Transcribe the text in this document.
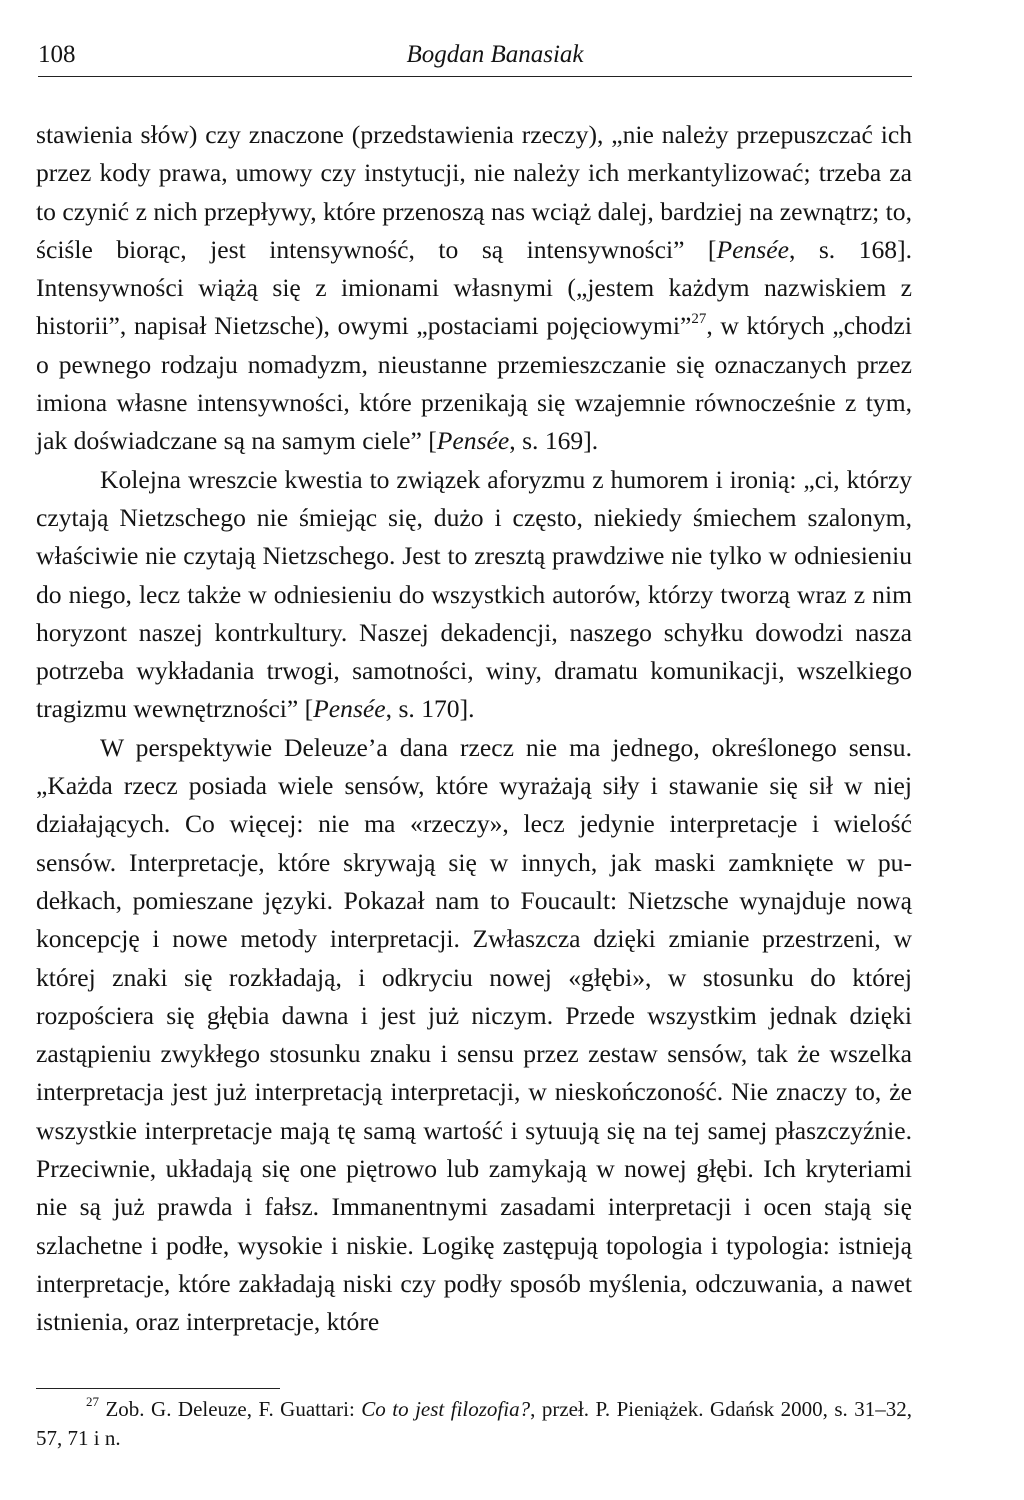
108	Bogdan Banasiak

stawienia słów) czy znaczone (przedstawienia rzeczy), „nie należy przepuszczać ich przez kody prawa, umowy czy instytucji, nie należy ich merkantylizować; trzeba za to czynić z nich przepływy, które przenoszą nas wciąż dalej, bardziej na zewnątrz; to, ściśle biorąc, jest intensywność, to są intensywności” [Pensée, s. 168]. Intensywności wiążą się z imionami własnymi („jestem każdym nazwiskiem z historii”, napisał Nietzsche), owymi „postaciami pojęciowymi”$^{27}$, w których „chodzi o pewnego rodzaju nomadyzm, nieustanne przemieszczanie się oznaczanych przez imiona własne intensywności, które przenikają się wzajemnie równocześnie z tym, jak doświadczane są na samym ciele” [Pensée, s. 169].

Kolejna wreszcie kwestia to związek aforyzmu z humorem i ironią: „ci, którzy czytają Nietzschego nie śmiejąc się, dużo i często, niekiedy śmiechem szalonym, właściwie nie czytają Nietzschego. Jest to zresztą prawdziwe nie tylko w odniesieniu do niego, lecz także w odniesieniu do wszystkich autorów, którzy tworzą wraz z nim horyzont naszej kontrkultury. Naszej dekadencji, naszego schyłku dowodzi nasza potrzeba wykładania trwogi, samotności, winy, dramatu komunikacji, wszelkiego tragizmu wewnętrzności” [Pensée, s. 170].

W perspektywie Deleuze’a dana rzecz nie ma jednego, określonego sensu. „Każda rzecz posiada wiele sensów, które wyrażają siły i stawanie się sił w niej działających. Co więcej: nie ma «rzeczy», lecz jedynie interpretacje i wielość sensów. Interpretacje, które skrywają się w innych, jak maski zamknięte w pudełkach, pomieszane języki. Pokazał nam to Foucault: Nietzsche wynajduje nową koncepcję i nowe metody interpretacji. Zwłaszcza dzięki zmianie przestrzeni, w której znaki się rozkładają, i odkryciu nowej «głębi», w stosunku do której rozpościera się głębia dawna i jest już niczym. Przede wszystkim jednak dzięki zastąpieniu zwykłego stosunku znaku i sensu przez zestaw sensów, tak że wszelka interpretacja jest już interpretacją interpretacji, w nieskończoność. Nie znaczy to, że wszystkie interpretacje mają tę samą wartość i sytuują się na tej samej płaszczyźnie. Przeciwnie, układają się one piętrowo lub zamykają w nowej głębi. Ich kryteriami nie są już prawda i fałsz. Immanentnymi zasadami interpretacji i ocen stają się szlachetne i podłe, wysokie i niskie. Logikę zastępują topologia i typologia: istnieją interpretacje, które zakładają niski czy podły sposób myślenia, odczuwania, a nawet istnienia, oraz interpretacje, które

$^{27}$ Zob. G. Deleuze, F. Guattari: Co to jest filozofia?, przeł. P. Pieniążek. Gdańsk 2000, s. 31–32, 57, 71 i n.
